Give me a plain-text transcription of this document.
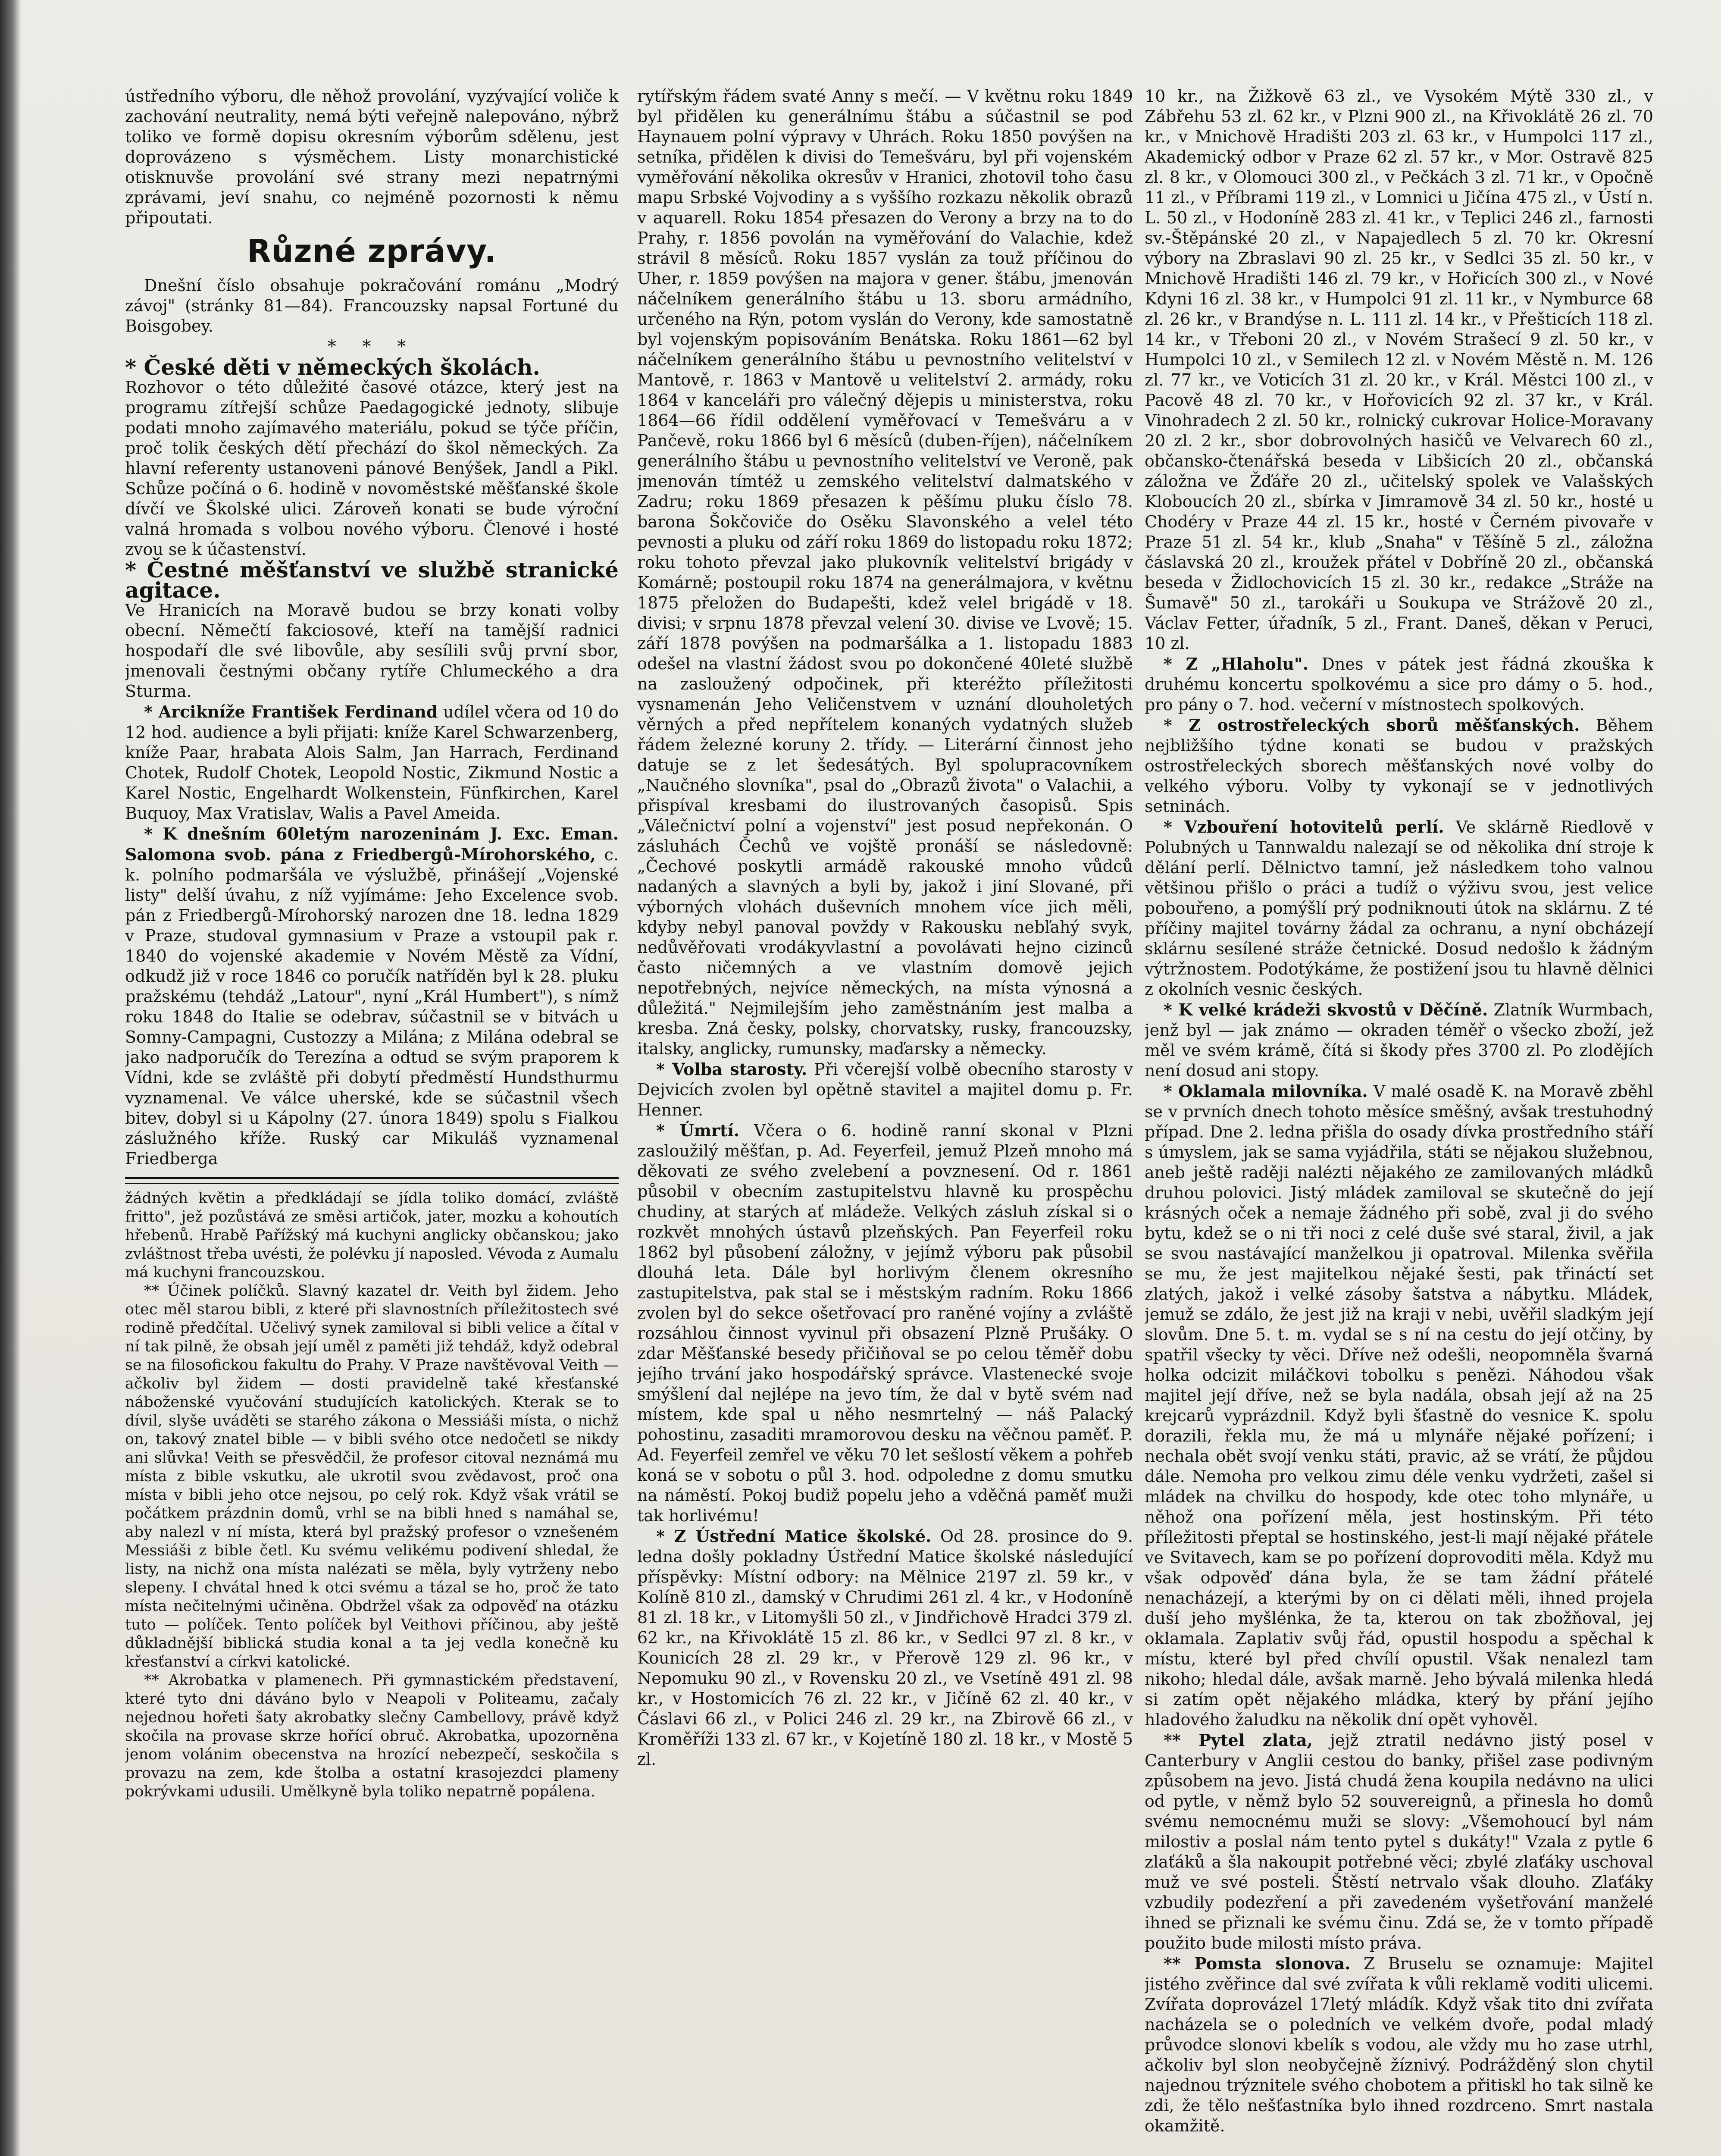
ústředního výboru, dle něhož provolání, vyzývající voliče k zachování neutrality, nemá býti veřejně nalepováno, nýbrž toliko ve formě dopisu okresním výborům sdělenu, jest doprovázeno s výsměchem. Listy monarchistické otisknuvše provolání své strany mezi nepatrnými zprávami, jeví snahu, co nejméně pozornosti k němu připoutati.

Různé zprávy.

Dnešní číslo obsahuje pokračování románu „Modrý závoj" (stránky 81—84). Francouzsky napsal Fortuné du Boisgobey.

* * *

* České děti v německých školách.

Rozhovor o této důležité časové otázce, který jest na programu zítřejší schůze Paedagogické jednoty, slibuje podati mnoho zajímavého materiálu, pokud se týče příčin, proč tolik českých dětí přechází do škol německých. Za hlavní referenty ustanoveni pánové Benýšek, Jandl a Pikl. Schůze počíná o 6. hodině v novoměstské měšťanské škole dívčí ve Školské ulici. Zároveň konati se bude výroční valná hromada s volbou nového výboru. Členové i hosté zvou se k účastenství.

* Čestné měšťanství ve službě stranické agitace.

Ve Hranicích na Moravě budou se brzy konati volby obecní. Němečtí fakciosové, kteří na tamější radnici hospodaří dle své libovůle, aby sesílili svůj první sbor, jmenovali čestnými občany rytíře Chlumeckého a dra Sturma.

* Arcikníže František Ferdinand udílel včera od 10 do 12 hod. audience a byli přijati: kníže Karel Schwarzenberg, kníže Paar, hrabata Alois Salm, Jan Harrach, Ferdinand Chotek, Rudolf Chotek, Leopold Nostic, Zikmund Nostic a Karel Nostic, Engelhardt Wolkenstein, Fünfkirchen, Karel Buquoy, Max Vratislav, Walis a Pavel Ameida.

* K dnešním 60letým narozeninám J. Exc. Eman. Salomona svob. pána z Friedbergů-Mírohorského, c. k. polního podmaršála ve výslužbě, přinášejí „Vojenské listy" delší úvahu, z níž vyjímáme: Jeho Excelence svob. pán z Friedbergů-Mírohorský narozen dne 18. ledna 1829 v Praze, studoval gymnasium v Praze a vstoupil pak r. 1840 do vojenské akademie v Novém Městě za Vídní, odkudž již v roce 1846 co poručík natříděn byl k 28. pluku pražskému (tehdáž „Latour", nyní „Král Humbert"), s nímž roku 1848 do Italie se odebrav, súčastnil se v bitvách u Somny-Campagni, Custozzy a Milána; z Milána odebral se jako nadporučík do Terezína a odtud se svým praporem k Vídni, kde se zvláště při dobytí předměstí Hundsthurmu vyznamenal. Ve válce uherské, kde se súčastnil všech bitev, dobyl si u Kápolny (27. února 1849) spolu s Fialkou záslužného kříže. Ruský car Mikuláš vyznamenal Friedberga

žádných květin a předkládají se jídla toliko domácí, zvláště fritto", jež pozůstává ze směsi artičok, jater, mozku a kohoutích hřebenů. Hrabě Pařížský má kuchyni anglicky občanskou; jako zvláštnost třeba uvésti, že polévku jí naposled. Vévoda z Aumalu má kuchyni francouzskou.

** Účinek políčků. Slavný kazatel dr. Veith byl židem. Jeho otec měl starou bibli, z které při slavnostních příležitostech své rodině předčítal. Učelivý synek zamiloval si bibli velice a čítal v ní tak pilně, že obsah její uměl z paměti již tehdáž, když odebral se na filosofickou fakultu do Prahy. V Praze navštěvoval Veith — ačkoliv byl židem — dosti pravidelně také křesťanské náboženské vyučování studujících katolických. Kterak se to dívil, slyše uváděti se starého zákona o Messiáši místa, o nichž on, takový znatel bible — v bibli svého otce nedočetl se nikdy ani slůvka! Veith se přesvědčil, že profesor citoval neznámá mu místa z bible vskutku, ale ukrotil svou zvědavost, proč ona místa v bibli jeho otce nejsou, po celý rok. Když však vrátil se počátkem prázdnin domů, vrhl se na bibli hned s namáhal se, aby nalezl v ní místa, která byl pražský profesor o vznešeném Messiáši z bible četl. Ku svému velikému podivení shledal, že listy, na nichž ona místa nalézati se měla, byly vytrženy nebo slepeny. I chvátal hned k otci svému a tázal se ho, proč že tato místa nečitelnými učiněna. Obdržel však za odpověď na otázku tuto — políček. Tento políček byl Veithovi příčinou, aby ještě důkladnější biblická studia konal a ta jej vedla konečně ku křesťanství a církvi katolické.

** Akrobatka v plamenech. Při gymnastickém představení, které tyto dni dáváno bylo v Neapoli v Politeamu, začaly nejednou hořeti šaty akrobatky slečny Cambellovy, právě když skočila na provase skrze hořící obruč. Akrobatka, upozorněna jenom volánim obecenstva na hrozící nebezpečí, seskočila s provazu na zem, kde štolba a ostatní krasojezdci plameny pokrývkami udusili. Umělkyně byla toliko nepatrně popálena.

rytířským řádem svaté Anny s mečí. — V květnu roku 1849 byl přidělen ku generálnímu štábu a súčastnil se pod Haynauem polní výpravy v Uhrách. Roku 1850 povýšen na setníka, přidělen k divisi do Temešváru, byl při vojenském vyměřování několika okresův v Hranici, zhotovil toho času mapu Srbské Vojvodiny a s vyššího rozkazu několik obrazů v aquarell. Roku 1854 přesazen do Verony a brzy na to do Prahy, r. 1856 povolán na vyměřování do Valachie, kdež strávil 8 měsíců. Roku 1857 vyslán za touž příčinou do Uher, r. 1859 povýšen na majora v gener. štábu, jmenován náčelníkem generálního štábu u 13. sboru armádního, určeného na Rýn, potom vyslán do Verony, kde samostatně byl vojenským popisováním Benátska. Roku 1861—62 byl náčelníkem generálního štábu u pevnostního velitelství v Mantově, r. 1863 v Mantově u velitelství 2. armády, roku 1864 v kanceláři pro válečný dějepis u ministerstva, roku 1864—66 řídil oddělení vyměřovací v Temešváru a v Pančevě, roku 1866 byl 6 měsíců (duben-říjen), náčelníkem generálního štábu u pevnostního velitelství ve Veroně, pak jmenován tímtéž u zemského velitelství dalmatského v Zadru; roku 1869 přesazen k pěšímu pluku číslo 78. barona Šokčoviče do Osěku Slavonského a velel této pevnosti a pluku od září roku 1869 do listopadu roku 1872; roku tohoto převzal jako plukovník velitelství brigády v Komárně; postoupil roku 1874 na generálmajora, v květnu 1875 přeložen do Budapešti, kdež velel brigádě v 18. divisi; v srpnu 1878 převzal velení 30. divise ve Lvově; 15. září 1878 povýšen na podmaršálka a 1. listopadu 1883 odešel na vlastní žádost svou po dokončené 40leté službě na zasloužený odpočinek, při kteréžto příležitosti vysnamenán Jeho Veličenstvem v uznání dlouholetých věrných a před nepřítelem konaných vydatných služeb řádem železné koruny 2. třídy. — Literární činnost jeho datuje se z let šedesátých. Byl spolupracovníkem „Naučného slovníka", psal do „Obrazů života" o Valachii, a přispíval kresbami do ilustrovaných časopisů. Spis „Válečnictví polní a vojenství" jest posud nepřekonán. O zásluhách Čechů ve vojště pronáší se následovně: „Čechové poskytli armádě rakouské mnoho vůdců nadaných a slavných a byli by, jakož i jiní Slované, při výborných vlohách duševních mnohem více jich měli, kdyby nebyl panoval povždy v Rakousku nebľahý svyk, nedůvěřovati vrodákyvlastní a povolávati hejno cizinců často ničemných a ve vlastním domově jejich nepotřebných, nejvíce německých, na místa výnosná a důležitá." Nejmilejším jeho zaměstnáním jest malba a kresba. Zná česky, polsky, chorvatsky, rusky, francouzsky, italsky, anglicky, rumunsky, maďarsky a německy.

* Volba starosty. Při včerejší volbě obecního starosty v Dejvicích zvolen byl opětně stavitel a majitel domu p. Fr. Henner.

* Úmrtí. Včera o 6. hodině ranní skonal v Plzni zasloužilý měšťan, p. Ad. Feyerfeil, jemuž Plzeň mnoho má děkovati ze svého zvelebení a povznesení. Od r. 1861 působil v obecním zastupitelstvu hlavně ku prospěchu chudiny, at starých ať mládeže. Velkých zásluh získal si o rozkvět mnohých ústavů plzeňských. Pan Feyerfeil roku 1862 byl působení záložny, v jejímž výboru pak působil dlouhá leta. Dále byl horlivým členem okresního zastupitelstva, pak stal se i městským radním. Roku 1866 zvolen byl do sekce ošetřovací pro raněné vojíny a zvláště rozsáhlou činnost vyvinul při obsazení Plzně Prušáky. O zdar Měšťanské besedy přičiňoval se po celou těměř dobu jejího trvání jako hospodářský správce. Vlastenecké svoje smýšlení dal nejlépe na jevo tím, že dal v bytě svém nad místem, kde spal u něho nesmrtelný — náš Palacký pohostinu, zasaditi mramorovou desku na věčnou paměť. P. Ad. Feyerfeil zemřel ve věku 70 let sešlostí věkem a pohřeb koná se v sobotu o půl 3. hod. odpoledne z domu smutku na náměstí. Pokoj budiž popelu jeho a vděčná paměť muži tak horlivému!

* Z Ústřední Matice školské. Od 28. prosince do 9. ledna došly pokladny Ústřední Matice školské následující příspěvky: Místní odbory: na Mělnice 2197 zl. 59 kr., v Kolíně 810 zl., damský v Chrudimi 261 zl. 4 kr., v Hodoníně 81 zl. 18 kr., v Litomyšli 50 zl., v Jindřichově Hradci 379 zl. 62 kr., na Křivoklátě 15 zl. 86 kr., v Sedlci 97 zl. 8 kr., v Kounicích 28 zl. 29 kr., v Přerově 129 zl. 96 kr., v Nepomuku 90 zl., v Rovensku 20 zl., ve Vsetíně 491 zl. 98 kr., v Hostomicích 76 zl. 22 kr., v Jičíně 62 zl. 40 kr., v Čáslavi 66 zl., v Polici 246 zl. 29 kr., na Zbirově 66 zl., v Kroměříži 133 zl. 67 kr., v Kojetíně 180 zl. 18 kr., v Mostě 5 zl.

10 kr., na Žižkově 63 zl., ve Vysokém Mýtě 330 zl., v Zábřehu 53 zl. 62 kr., v Plzni 900 zl., na Křivoklátě 26 zl. 70 kr., v Mnichově Hradišti 203 zl. 63 kr., v Humpolci 117 zl., Akademický odbor v Praze 62 zl. 57 kr., v Mor. Ostravě 825 zl. 8 kr., v Olomouci 300 zl., v Pečkách 3 zl. 71 kr., v Opočně 11 zl., v Příbrami 119 zl., v Lomnici u Jičína 475 zl., v Ústí n. L. 50 zl., v Hodoníně 283 zl. 41 kr., v Teplici 246 zl., farnosti sv.-Štěpánské 20 zl., v Napajedlech 5 zl. 70 kr. Okresní výbory na Zbraslavi 90 zl. 25 kr., v Sedlci 35 zl. 50 kr., v Mnichově Hradišti 146 zl. 79 kr., v Hořicích 300 zl., v Nové Kdyni 16 zl. 38 kr., v Humpolci 91 zl. 11 kr., v Nymburce 68 zl. 26 kr., v Brandýse n. L. 111 zl. 14 kr., v Přešticích 118 zl. 14 kr., v Třeboni 20 zl., v Novém Strašecí 9 zl. 50 kr., v Humpolci 10 zl., v Semilech 12 zl. v Novém Městě n. M. 126 zl. 77 kr., ve Voticích 31 zl. 20 kr., v Král. Městci 100 zl., v Pacově 48 zl. 70 kr., v Hořovicích 92 zl. 37 kr., v Král. Vinohradech 2 zl. 50 kr., rolnický cukrovar Holice-Moravany 20 zl. 2 kr., sbor dobrovolných hasičů ve Velvarech 60 zl., občansko-čtenářská beseda v Libšicích 20 zl., občanská záložna ve Žďáře 20 zl., učitelský spolek ve Valašských Kloboucích 20 zl., sbírka v Jimramově 34 zl. 50 kr., hosté u Chodéry v Praze 44 zl. 15 kr., hosté v Černém pivovaře v Praze 51 zl. 54 kr., klub „Snaha" v Těšíně 5 zl., záložna čáslavská 20 zl., kroužek přátel v Dobříně 20 zl., občanská beseda v Židlochovicích 15 zl. 30 kr., redakce „Stráže na Šumavě" 50 zl., tarokáři u Soukupa ve Strážově 20 zl., Václav Fetter, úřadník, 5 zl., Frant. Daneš, děkan v Peruci, 10 zl.

* Z „Hlaholu". Dnes v pátek jest řádná zkouška k druhému koncertu spolkovému a sice pro dámy o 5. hod., pro pány o 7. hod. večerní v místnostech spolkových.

* Z ostrostřeleckých sborů měšťanských. Během nejbližšího týdne konati se budou v pražských ostrostřeleckých sborech měšťanských nové volby do velkého výboru. Volby ty vykonají se v jednotlivých setninách.

* Vzbouření hotovitelů perlí. Ve sklárně Riedlově v Polubných u Tannwaldu nalezají se od několika dní stroje k dělání perlí. Dělnictvo tamní, jež následkem toho valnou většinou přišlo o práci a tudíž o výživu svou, jest velice pobouřeno, a pomýšlí prý podniknouti útok na sklárnu. Z té příčiny majitel továrny žádal za ochranu, a nyní obcházejí sklárnu sesílené stráže četnické. Dosud nedošlo k žádným výtržnostem. Podotýkáme, že postižení jsou tu hlavně dělnici z okolních vesnic českých.

* K velké krádeži skvostů v Děčíně. Zlatník Wurmbach, jenž byl — jak známo — okraden téměř o všecko zboží, jež měl ve svém krámě, čítá si škody přes 3700 zl. Po zlodějích není dosud ani stopy.

* Oklamala milovníka. V malé osadě K. na Moravě zběhl se v prvních dnech tohoto měsíce směšný, avšak trestuhodný případ. Dne 2. ledna přišla do osady dívka prostředního stáří s úmyslem, jak se sama vyjádřila, státi se nějakou služebnou, aneb ještě raději nalézti nějakého ze zamilovaných mládků druhou polovici. Jistý mládek zamiloval se skutečně do její krásných oček a nemaje žádného při sobě, zval ji do svého bytu, kdež se o ni tři noci z celé duše své staral, živil, a jak se svou nastávající manželkou ji opatroval. Milenka svěřila se mu, že jest majitelkou nějaké šesti, pak třináctí set zlatých, jakož i velké zásoby šatstva a nábytku. Mládek, jemuž se zdálo, že jest již na kraji v nebi, uvěřil sladkým její slovům. Dne 5. t. m. vydal se s ní na cestu do její otčiny, by spatřil všecky ty věci. Dříve než odešli, neopomněla švarná holka odcizit miláčkovi tobolku s penězi. Náhodou však majitel její dříve, než se byla nadála, obsah její až na 25 krejcarů vyprázdnil. Když byli šťastně do vesnice K. spolu dorazili, řekla mu, že má u mlynáře nějaké pořízení; i nechala obět svojí venku státi, pravic, až se vrátí, že půjdou dále. Nemoha pro velkou zimu déle venku vydržeti, zašel si mládek na chvilku do hospody, kde otec toho mlynáře, u něhož ona pořízení měla, jest hostinským. Při této příležitosti přeptal se hostinského, jest-li mají nějaké přátele ve Svitavech, kam se po pořízení doprovoditi měla. Když mu však odpověď dána byla, že se tam žádní přátelé nenacházejí, a kterými by on ci dělati měli, ihned projela duší jeho myšlénka, že ta, kterou on tak zbožňoval, jej oklamala. Zaplativ svůj řád, opustil hospodu a spěchal k místu, které byl před chvílí opustil. Však nenalezl tam nikoho; hledal dále, avšak marně. Jeho bývalá milenka hledá si zatím opět nějakého mládka, který by přání jejího hladového žaludku na několik dní opět vyhověl.

** Pytel zlata, jejž ztratil nedávno jistý posel v Canterbury v Anglii cestou do banky, přišel zase podivným způsobem na jevo. Jistá chudá žena koupila nedávno na ulici od pytle, v němž bylo 52 souvereignů, a přinesla ho domů svému nemocnému muži se slovy: „Všemohoucí byl nám milostiv a poslal nám tento pytel s dukáty!" Vzala z pytle 6 zlaťáků a šla nakoupit potřebné věci; zbylé zlaťáky uschoval muž ve své posteli. Štěstí netrvalo však dlouho. Zlaťáky vzbudily podezření a při zavedeném vyšetřování manželé ihned se přiznali ke svému činu. Zdá se, že v tomto případě použito bude milosti místo práva.

** Pomsta slonova. Z Bruselu se oznamuje: Majitel jistého zvěřince dal své zvířata k vůli reklamě voditi ulicemi. Zvířata doprovázel 17letý mládík. Když však tito dni zvířata nacházela se o poledních ve velkém dvoře, podal mladý průvodce slonovi kbelík s vodou, ale vždy mu ho zase utrhl, ačkoliv byl slon neobyčejně žíznivý. Podrážděný slon chytil najednou trýznitele svého chobotem a přitiskl ho tak silně ke zdi, že tělo nešťastníka bylo ihned rozdrceno. Smrt nastala okamžitě.
